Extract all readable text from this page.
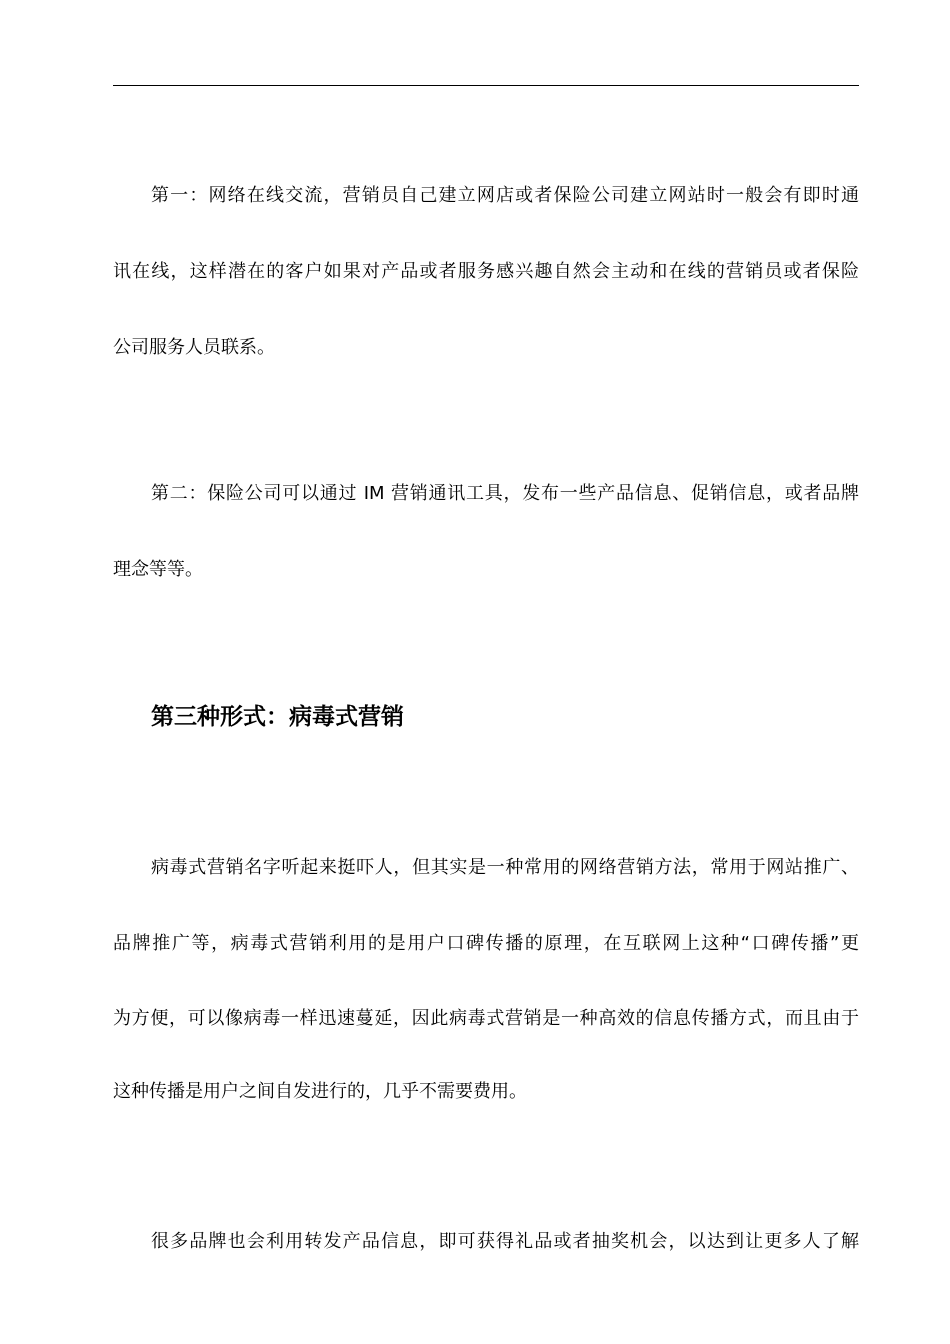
第一：网络在线交流，营销员自己建立网店或者保险公司建立网站时一般会有即时通
讯在线，这样潜在的客户如果对产品或者服务感兴趣自然会主动和在线的营销员或者保险
公司服务人员联系。
第二：保险公司可以通过 IM 营销通讯工具，发布一些产品信息、促销信息，或者品牌
理念等等。
第三种形式：病毒式营销
病毒式营销名字听起来挺吓人，但其实是一种常用的网络营销方法，常用于网站推广、
品牌推广等，病毒式营销利用的是用户口碑传播的原理，在互联网上这种“口碑传播”更
为方便，可以像病毒一样迅速蔓延，因此病毒式营销是一种高效的信息传播方式，而且由于
这种传播是用户之间自发进行的，几乎不需要费用。
很多品牌也会利用转发产品信息，即可获得礼品或者抽奖机会，以达到让更多人了解
